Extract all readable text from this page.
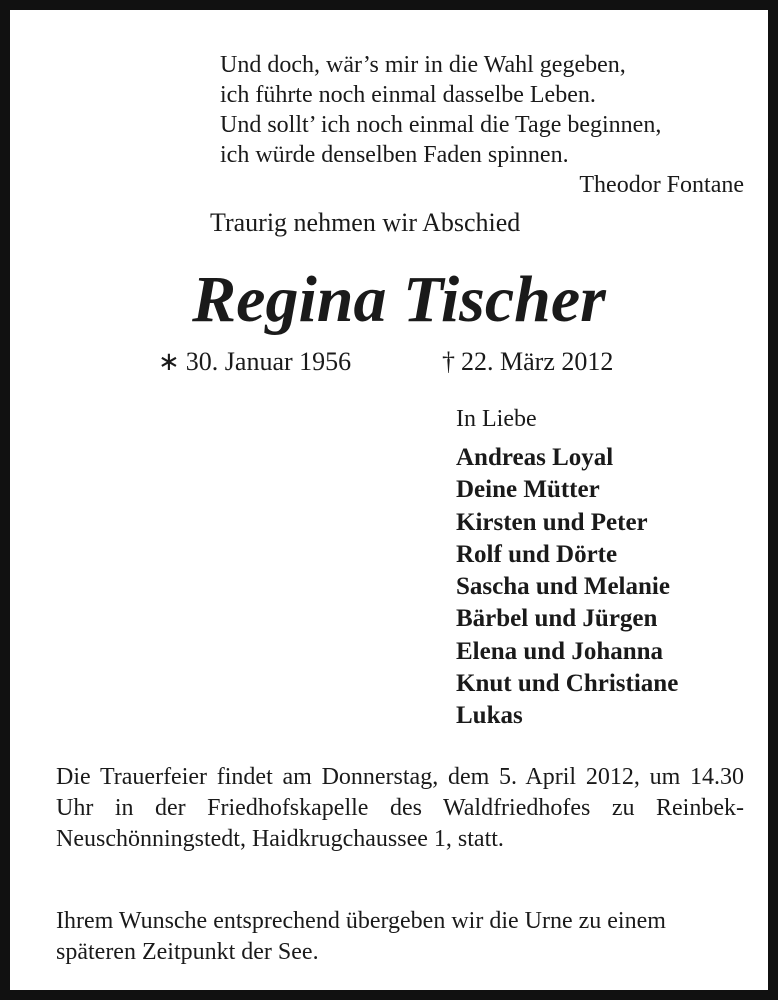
Und doch, wär’s mir in die Wahl gegeben,
ich führte noch einmal dasselbe Leben.
Und sollt’ ich noch einmal die Tage beginnen,
ich würde denselben Faden spinnen.
Theodor Fontane
Traurig nehmen wir Abschied
Regina Tischer
∗ 30. Januar 1956	† 22. März 2012
In Liebe
Andreas Loyal
Deine Mütter
Kirsten und Peter
Rolf und Dörte
Sascha und Melanie
Bärbel und Jürgen
Elena und Johanna
Knut und Christiane
Lukas
Die Trauerfeier findet am Donnerstag, dem 5. April 2012, um 14.30 Uhr in der Friedhofskapelle des Waldfriedhofes zu Reinbek-Neuschönningstedt, Haidkrugchaussee 1, statt.
Ihrem Wunsche entsprechend übergeben wir die Urne zu einem späteren Zeitpunkt der See.
